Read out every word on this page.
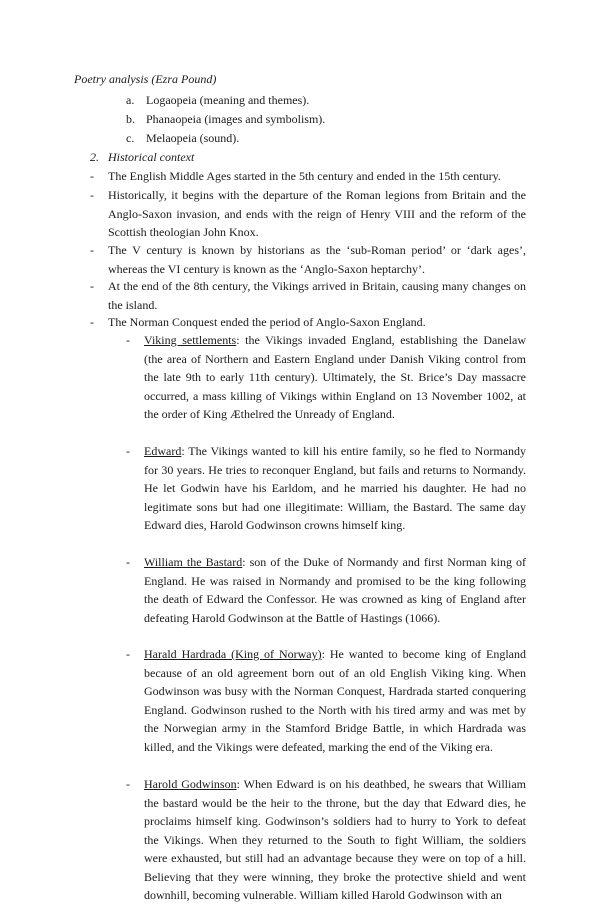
Poetry analysis (Ezra Pound)
a. Logaopeia (meaning and themes).
b. Phanaopeia (images and symbolism).
c. Melaopeia (sound).
2. Historical context
- The English Middle Ages started in the 5th century and ended in the 15th century.
- Historically, it begins with the departure of the Roman legions from Britain and the Anglo-Saxon invasion, and ends with the reign of Henry VIII and the reform of the Scottish theologian John Knox.
- The V century is known by historians as the ‘sub-Roman period’ or ‘dark ages’, whereas the VI century is known as the ‘Anglo-Saxon heptarchy’.
- At the end of the 8th century, the Vikings arrived in Britain, causing many changes on the island.
- The Norman Conquest ended the period of Anglo-Saxon England.
- Viking settlements: the Vikings invaded England, establishing the Danelaw (the area of Northern and Eastern England under Danish Viking control from the late 9th to early 11th century). Ultimately, the St. Brice’s Day massacre occurred, a mass killing of Vikings within England on 13 November 1002, at the order of King Æthelred the Unready of England.
- Edward: The Vikings wanted to kill his entire family, so he fled to Normandy for 30 years. He tries to reconquer England, but fails and returns to Normandy. He let Godwin have his Earldom, and he married his daughter. He had no legitimate sons but had one illegitimate: William, the Bastard. The same day Edward dies, Harold Godwinson crowns himself king.
- William the Bastard: son of the Duke of Normandy and first Norman king of England. He was raised in Normandy and promised to be the king following the death of Edward the Confessor. He was crowned as king of England after defeating Harold Godwinson at the Battle of Hastings (1066).
- Harald Hardrada (King of Norway): He wanted to become king of England because of an old agreement born out of an old English Viking king. When Godwinson was busy with the Norman Conquest, Hardrada started conquering England. Godwinson rushed to the North with his tired army and was met by the Norwegian army in the Stamford Bridge Battle, in which Hardrada was killed, and the Vikings were defeated, marking the end of the Viking era.
- Harold Godwinson: When Edward is on his deathbed, he swears that William the bastard would be the heir to the throne, but the day that Edward dies, he proclaims himself king. Godwinson’s soldiers had to hurry to York to defeat the Vikings. When they returned to the South to fight William, the soldiers were exhausted, but still had an advantage because they were on top of a hill. Believing that they were winning, they broke the protective shield and went downhill, becoming vulnerable. William killed Harold Godwinson with an
